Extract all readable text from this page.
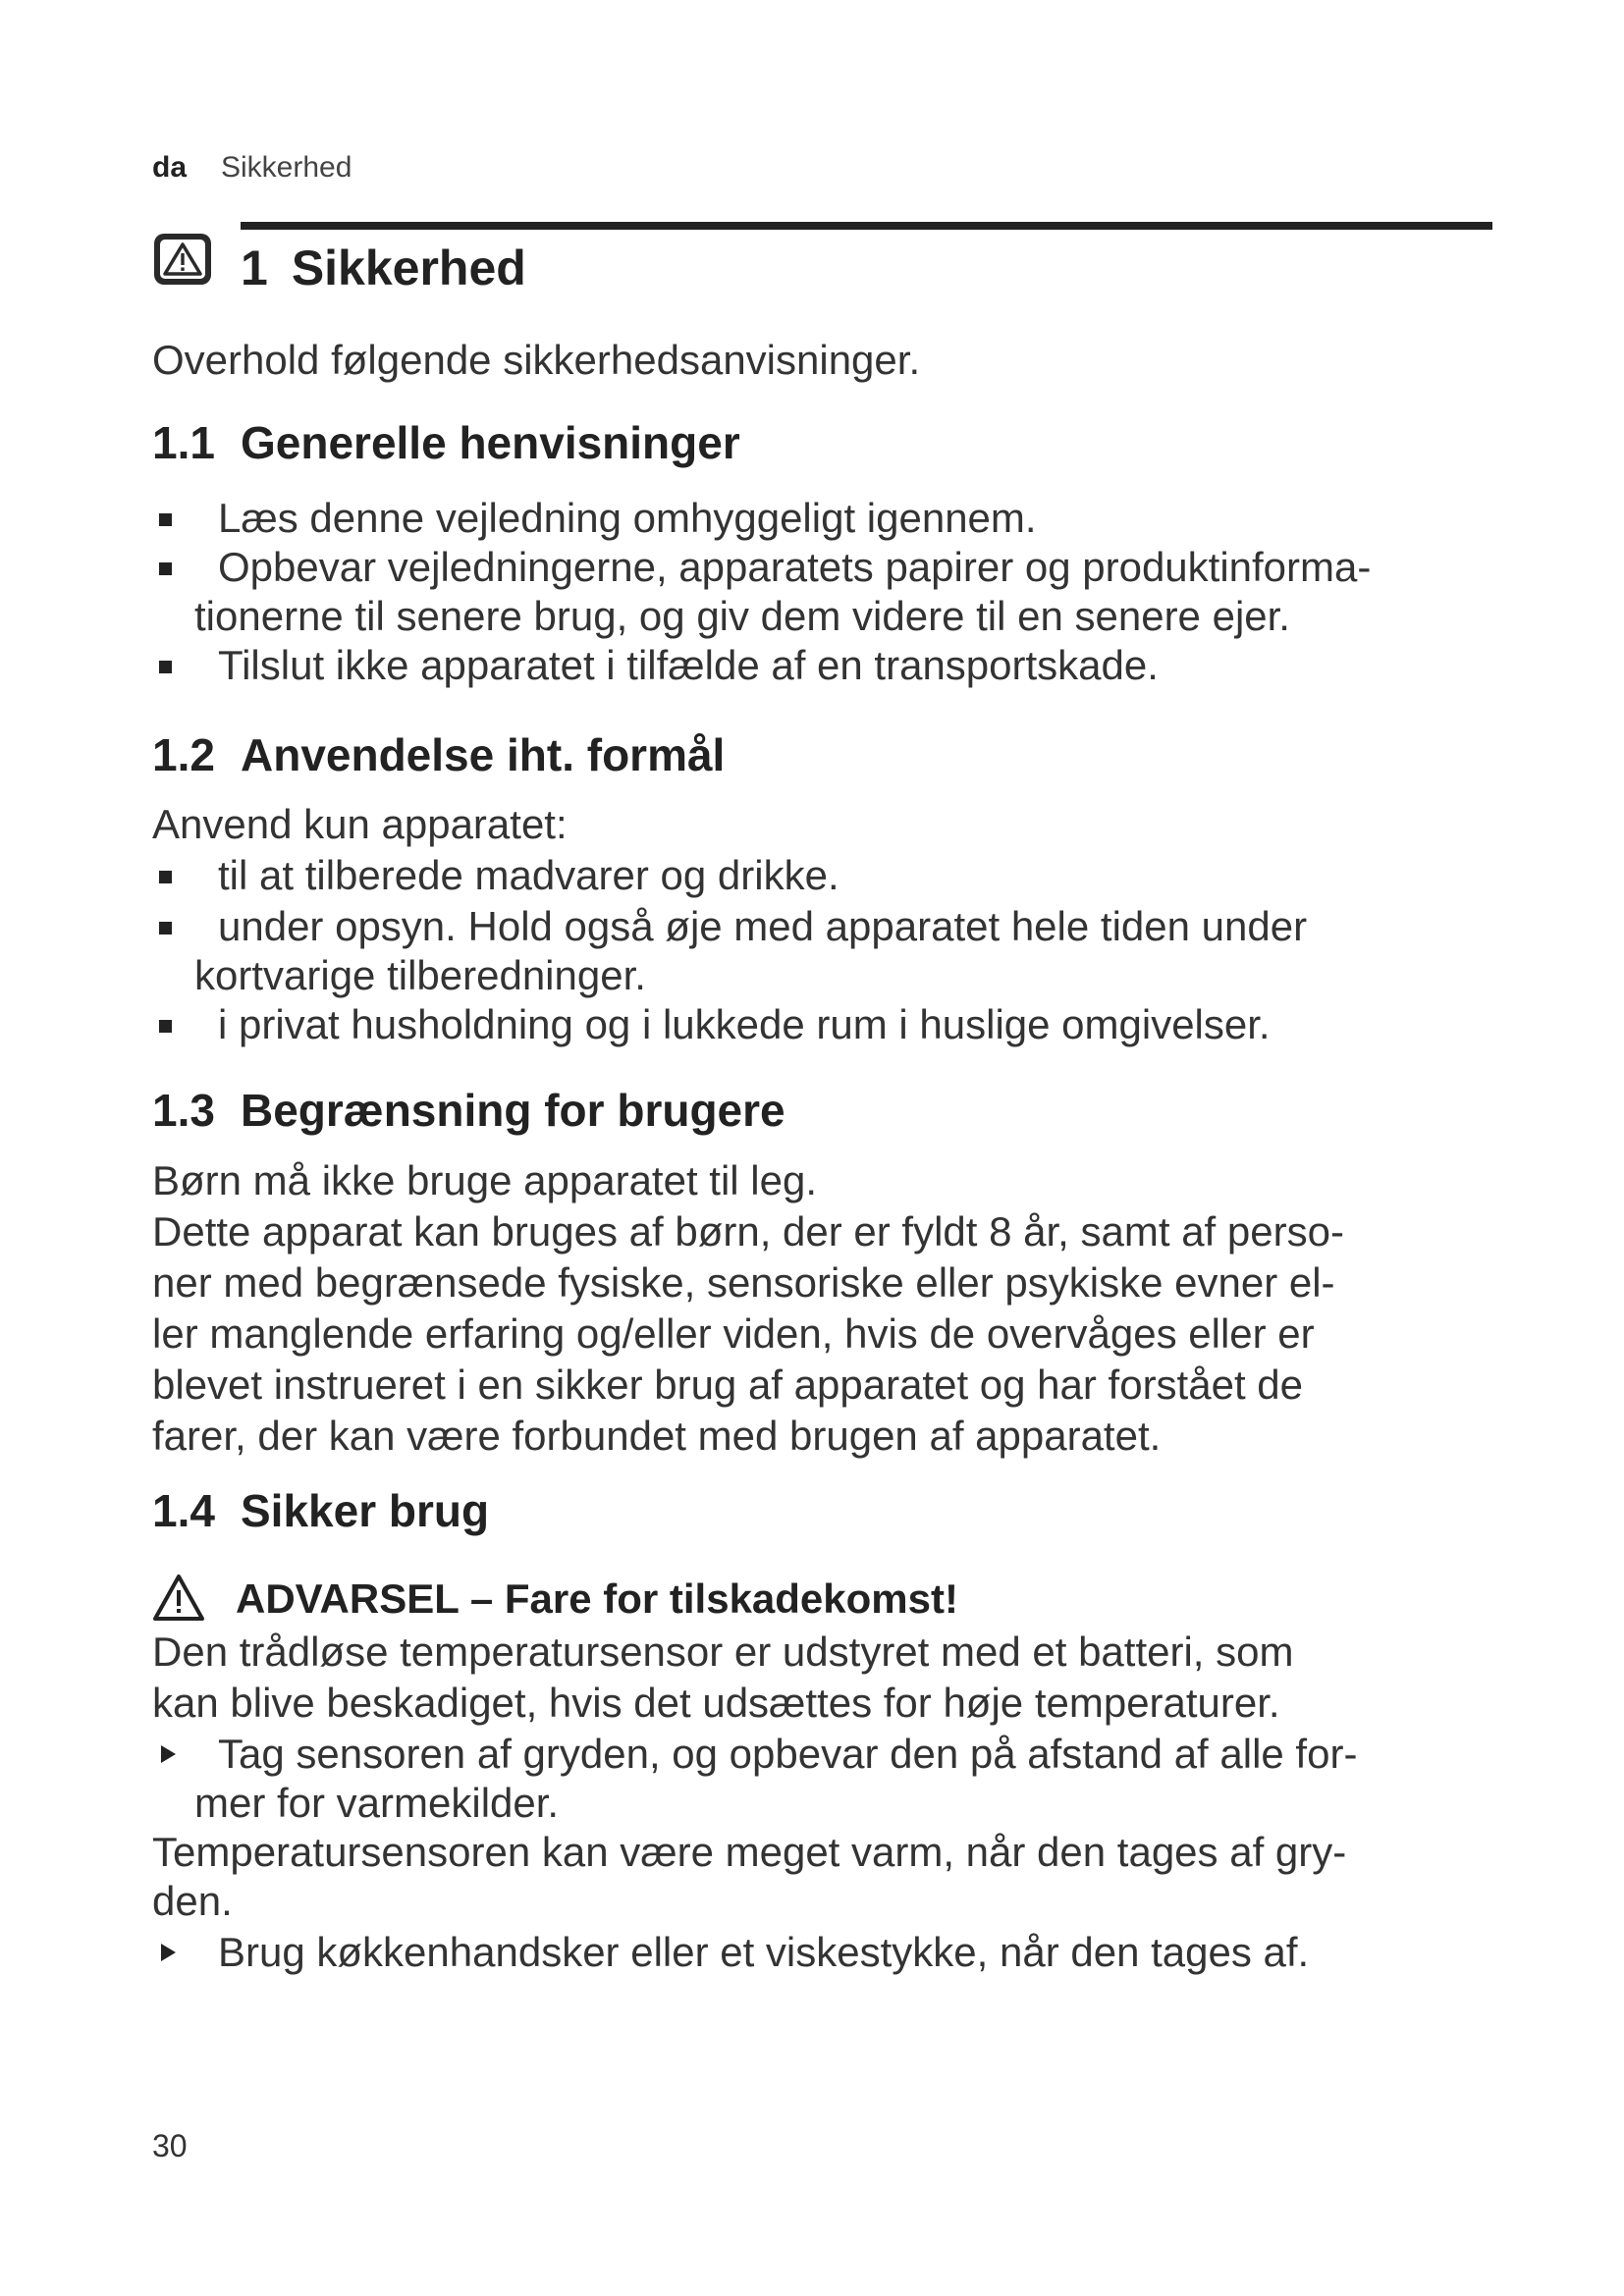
da Sikkerhed
1 Sikkerhed
Overhold følgende sikkerhedsanvisninger.
1.1 Generelle henvisninger
Læs denne vejledning omhyggeligt igennem.
Opbevar vejledningerne, apparatets papirer og produktinforma-
tionerne til senere brug, og giv dem videre til en senere ejer.
Tilslut ikke apparatet i tilfælde af en transportskade.
1.2 Anvendelse iht. formål
Anvend kun apparatet:
til at tilberede madvarer og drikke.
under opsyn. Hold også øje med apparatet hele tiden under
kortvarige tilberedninger.
i privat husholdning og i lukkede rum i huslige omgivelser.
1.3 Begrænsning for brugere
Børn må ikke bruge apparatet til leg.
Dette apparat kan bruges af børn, der er fyldt 8 år, samt af perso-
ner med begrænsede fysiske, sensoriske eller psykiske evner el-
ler manglende erfaring og/eller viden, hvis de overvåges eller er
blevet instrueret i en sikker brug af apparatet og har forstået de
farer, der kan være forbundet med brugen af apparatet.
1.4 Sikker brug
ADVARSEL – Fare for tilskadekomst!
Den trådløse temperatursensor er udstyret med et batteri, som
kan blive beskadiget, hvis det udsættes for høje temperaturer.
Tag sensoren af gryden, og opbevar den på afstand af alle for-
mer for varmekilder.
Temperatursensoren kan være meget varm, når den tages af gry-
den.
Brug køkkenhandsker eller et viskestykke, når den tages af.
30
